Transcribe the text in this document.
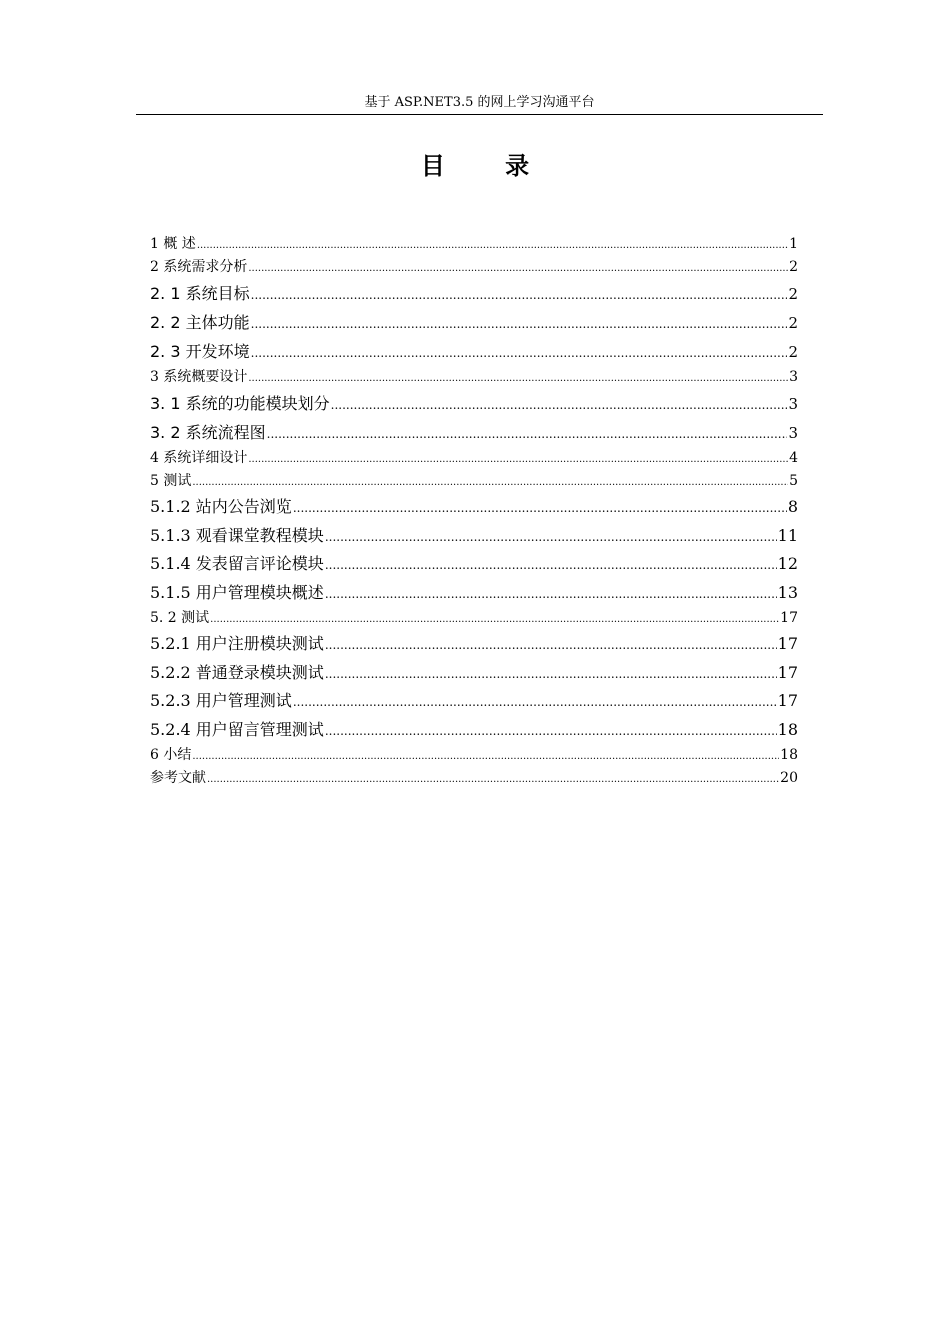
基于 ASP.NET3.5 的网上学习沟通平台
目 录
1 概 述 .....	1
2 系统需求分析 .....	2
2. 1 系统目标 .....	2
2. 2 主体功能 .....	2
2. 3 开发环境 .....	2
3 系统概要设计 .....	3
3. 1 系统的功能模块划分 .....	3
3. 2 系统流程图 .....	3
4 系统详细设计 .....	4
5 测试 .....	5
5.1.2 站内公告浏览 .....	8
5.1.3 观看课堂教程模块 .....	11
5.1.4 发表留言评论模块 .....	12
5.1.5 用户管理模块概述 .....	13
5. 2 测试 .....	17
5.2.1 用户注册模块测试 .....	17
5.2.2 普通登录模块测试 .....	17
5.2.3 用户管理测试 .....	17
5.2.4 用户留言管理测试 .....	18
6 小结 .....	18
参考文献 .....	20
